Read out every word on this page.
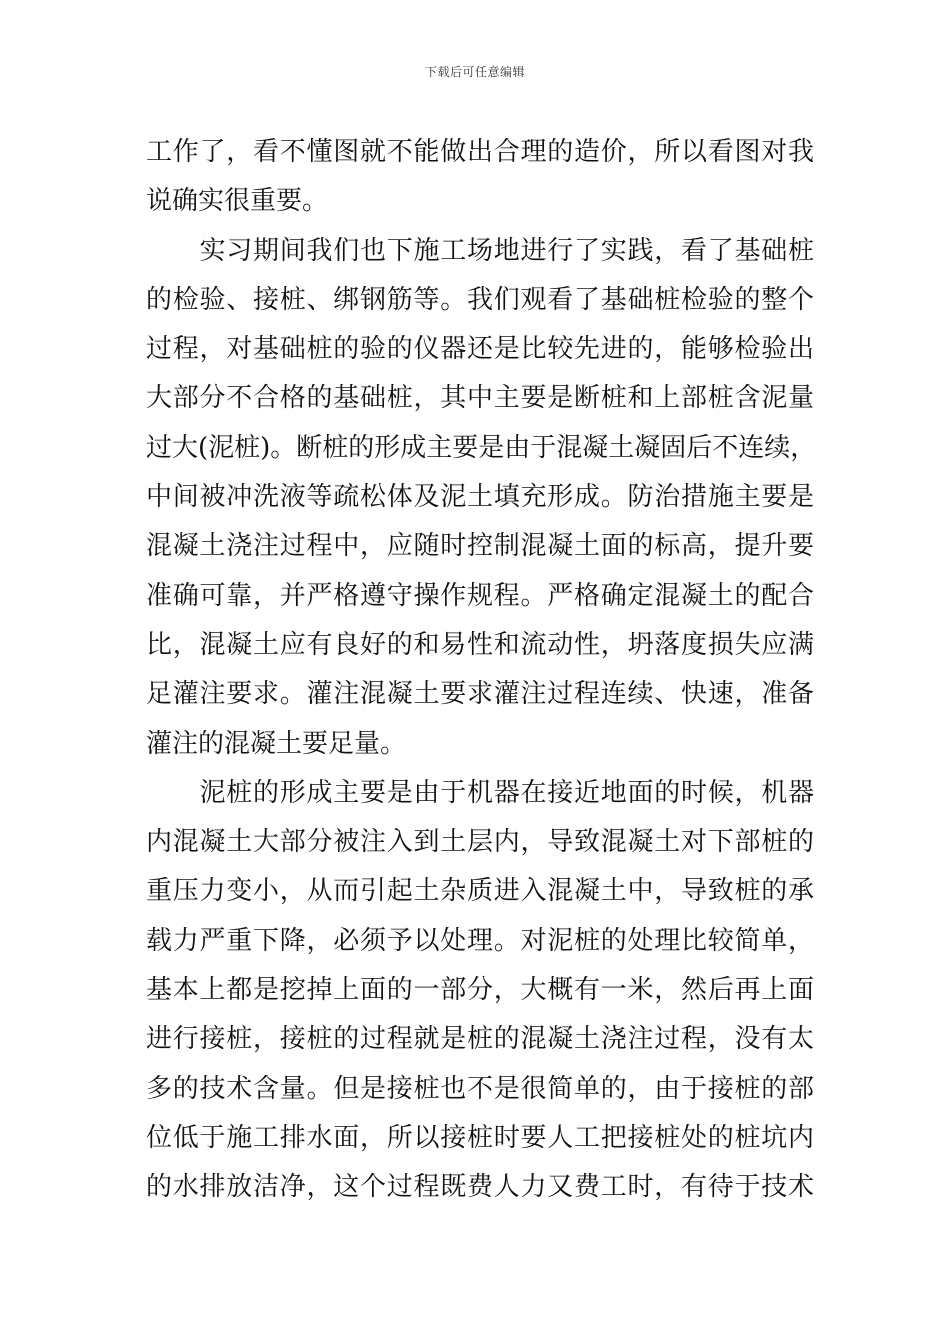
下载后可任意编辑
工作了，看不懂图就不能做出合理的造价，所以看图对我
说确实很重要。
　　实习期间我们也下施工场地进行了实践，看了基础桩
的检验、接桩、绑钢筋等。我们观看了基础桩检验的整个
过程，对基础桩的验的仪器还是比较先进的，能够检验出
大部分不合格的基础桩，其中主要是断桩和上部桩含泥量
过大(泥桩)。断桩的形成主要是由于混凝土凝固后不连续，
中间被冲洗液等疏松体及泥土填充形成。防治措施主要是
混凝土浇注过程中，应随时控制混凝土面的标高，提升要
准确可靠，并严格遵守操作规程。严格确定混凝土的配合
比，混凝土应有良好的和易性和流动性，坍落度损失应满
足灌注要求。灌注混凝土要求灌注过程连续、快速，准备
灌注的混凝土要足量。
　　泥桩的形成主要是由于机器在接近地面的时候，机器
内混凝土大部分被注入到土层内，导致混凝土对下部桩的
重压力变小，从而引起土杂质进入混凝土中，导致桩的承
载力严重下降，必须予以处理。对泥桩的处理比较简单，
基本上都是挖掉上面的一部分，大概有一米，然后再上面
进行接桩，接桩的过程就是桩的混凝土浇注过程，没有太
多的技术含量。但是接桩也不是很简单的，由于接桩的部
位低于施工排水面，所以接桩时要人工把接桩处的桩坑内
的水排放洁净，这个过程既费人力又费工时，有待于技术
